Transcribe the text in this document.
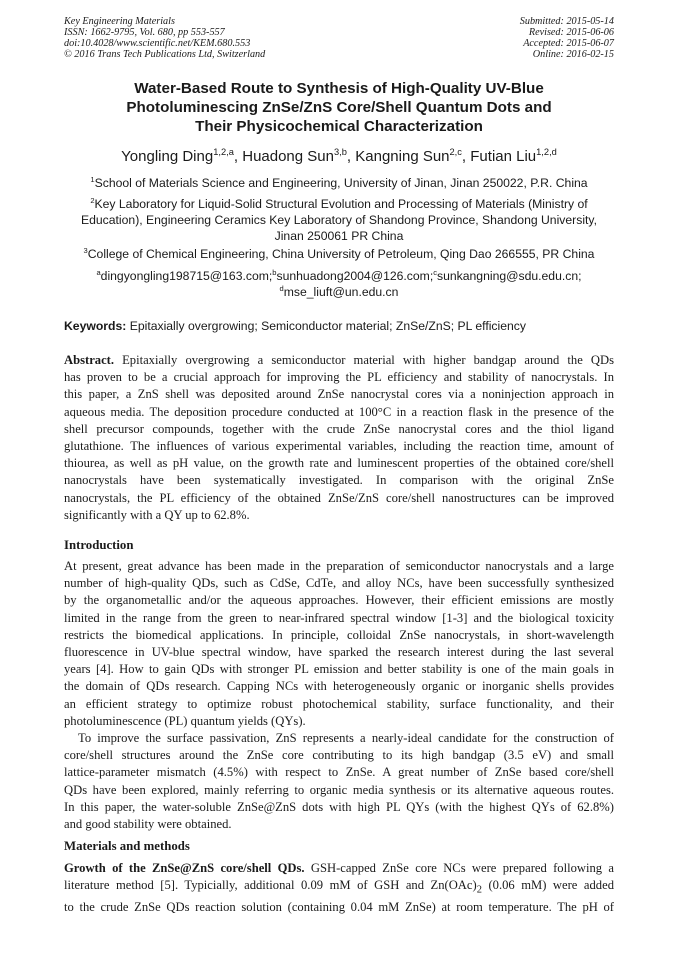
Key Engineering Materials
ISSN: 1662-9795, Vol. 680, pp 553-557
doi:10.4028/www.scientific.net/KEM.680.553
© 2016 Trans Tech Publications Ltd, Switzerland
Submitted: 2015-05-14
Revised: 2015-06-06
Accepted: 2015-06-07
Online: 2016-02-15
Water-Based Route to Synthesis of High-Quality UV-Blue
Photoluminescing ZnSe/ZnS Core/Shell Quantum Dots and
Their Physicochemical Characterization
Yongling Ding$^{1,2,a}$, Huadong Sun$^{3,b}$, Kangning Sun$^{2,c}$, Futian Liu$^{1,2,d}$
$^1$School of Materials Science and Engineering, University of Jinan, Jinan 250022, P.R. China
$^2$Key Laboratory for Liquid-Solid Structural Evolution and Processing of Materials (Ministry of
Education), Engineering Ceramics Key Laboratory of Shandong Province, Shandong University,
Jinan 250061 PR China
$^3$College of Chemical Engineering, China University of Petroleum, Qing Dao 266555, PR China
$^a$dingyongling198715@163.com;$^b$sunhuadong2004@126.com;$^c$sunkangning@sdu.edu.cn;
$^d$mse_liuft@un.edu.cn
Keywords: Epitaxially overgrowing; Semiconductor material; ZnSe/ZnS; PL efficiency
Abstract. Epitaxially overgrowing a semiconductor material with higher bandgap around the QDs
has proven to be a crucial approach for improving the PL efficiency and stability of nanocrystals. In
this paper, a ZnS shell was deposited around ZnSe nanocrystal cores via a noninjection approach in
aqueous media. The deposition procedure conducted at 100°C in a reaction flask in the presence of the
shell precursor compounds, together with the crude ZnSe nanocrystal cores and the thiol ligand
glutathione. The influences of various experimental variables, including the reaction time, amount of
thiourea, as well as pH value, on the growth rate and luminescent properties of the obtained core/shell
nanocrystals have been systematically investigated. In comparison with the original ZnSe
nanocrystals, the PL efficiency of the obtained ZnSe/ZnS core/shell nanostructures can be improved
significantly with a QY up to 62.8%.
Introduction
At present, great advance has been made in the preparation of semiconductor nanocrystals and a large
number of high-quality QDs, such as CdSe, CdTe, and alloy NCs, have been successfully synthesized
by the organometallic and/or the aqueous approaches. However, their efficient emissions are mostly
limited in the range from the green to near-infrared spectral window [1-3] and the biological toxicity
restricts the biomedical applications. In principle, colloidal ZnSe nanocrystals, in short-wavelength
fluorescence in UV-blue spectral window, have sparked the research interest during the last several
years [4]. How to gain QDs with stronger PL emission and better stability is one of the main goals in
the domain of QDs research. Capping NCs with heterogeneously organic or inorganic shells provides
an efficient strategy to optimize robust photochemical stability, surface functionality, and their
photoluminescence (PL) quantum yields (QYs).
To improve the surface passivation, ZnS represents a nearly-ideal candidate for the construction of
core/shell structures around the ZnSe core contributing to its high bandgap (3.5 eV) and small
lattice-parameter mismatch (4.5%) with respect to ZnSe. A great number of ZnSe based core/shell
QDs have been explored, mainly referring to organic media synthesis or its alternative aqueous routes.
In this paper, the water-soluble ZnSe@ZnS dots with high PL QYs (with the highest QYs of 62.8%)
and good stability were obtained.
Materials and methods
Growth of the ZnSe@ZnS core/shell QDs. GSH-capped ZnSe core NCs were prepared following a
literature method [5]. Typicially, additional 0.09 mM of GSH and $Zn(OAc)_2$ (0.06 mM) were added
to the crude ZnSe QDs reaction solution (containing 0.04 mM ZnSe) at room temperature. The pH of
